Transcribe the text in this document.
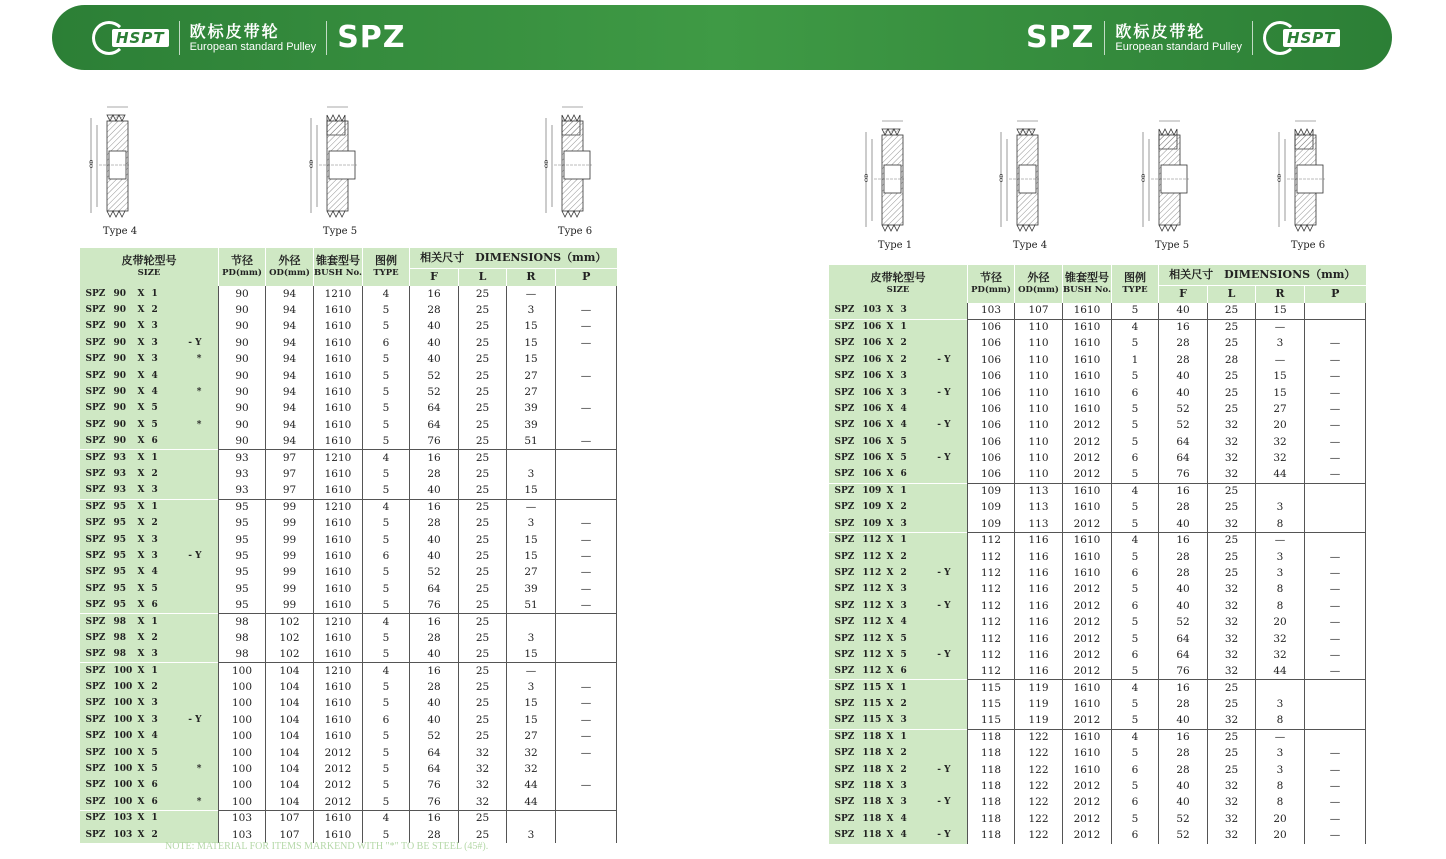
HSPT 欧标皮带轮
European standard Pulley SPZ	SPZ 欧标皮带轮
European standard Pulley	HSPT
OD
Type 4
OD
Type 5
OD
Type 6
OD
Type 1
OD
Type 4
OD
Type 5
OD
Type 6
皮带轮型号
SIZE	节径
PD(mm)	外径
OD(mm)	锥套型号
BUSH No.	图例
TYPE	相关尺寸　DIMENSIONS（mm）			
					F	L	R	P
SPZ 90 X 1	90	94	1210	4	16	25	—	
SPZ 90 X 2	90	94	1610	5	28	25	3	—
SPZ 90 X 3	90	94	1610	5	40	25	15	—
SPZ 90 X 3 - Y	90	94	1610	6	40	25	15	—
SPZ 90 X 3 *	90	94	1610	5	40	25	15	
SPZ 90 X 4	90	94	1610	5	52	25	27	—
SPZ 90 X 4 *	90	94	1610	5	52	25	27	
SPZ 90 X 5	90	94	1610	5	64	25	39	—
SPZ 90 X 5 *	90	94	1610	5	64	25	39	
SPZ 90 X 6	90	94	1610	5	76	25	51	—
SPZ 93 X 1	93	97	1210	4	16	25		
SPZ 93 X 2	93	97	1610	5	28	25	3	
SPZ 93 X 3	93	97	1610	5	40	25	15	
SPZ 95 X 1	95	99	1210	4	16	25	—	
SPZ 95 X 2	95	99	1610	5	28	25	3	—
SPZ 95 X 3	95	99	1610	5	40	25	15	—
SPZ 95 X 3 - Y	95	99	1610	6	40	25	15	—
SPZ 95 X 4	95	99	1610	5	52	25	27	—
SPZ 95 X 5	95	99	1610	5	64	25	39	—
SPZ 95 X 6	95	99	1610	5	76	25	51	—
SPZ 98 X 1	98	102	1210	4	16	25		
SPZ 98 X 2	98	102	1610	5	28	25	3	
SPZ 98 X 3	98	102	1610	5	40	25	15	
SPZ 100 X 1	100	104	1210	4	16	25	—	
SPZ 100 X 2	100	104	1610	5	28	25	3	—
SPZ 100 X 3	100	104	1610	5	40	25	15	—
SPZ 100 X 3 - Y	100	104	1610	6	40	25	15	—
SPZ 100 X 4	100	104	1610	5	52	25	27	—
SPZ 100 X 5	100	104	2012	5	64	32	32	—
SPZ 100 X 5 *	100	104	2012	5	64	32	32	
SPZ 100 X 6	100	104	2012	5	76	32	44	—
SPZ 100 X 6 *	100	104	2012	5	76	32	44	
SPZ 103 X 1	103	107	1610	4	16	25		
SPZ 103 X 2	103	107	1610	5	28	25	3	
皮带轮型号
SIZE	节径
PD(mm)	外径
OD(mm)	锥套型号
BUSH No.	图例
TYPE	相关尺寸　DIMENSIONS（mm）			
					F	L	R	P
SPZ 103 X 3	103	107	1610	5	40	25	15	
SPZ 106 X 1	106	110	1610	4	16	25	—	
SPZ 106 X 2	106	110	1610	5	28	25	3	—
SPZ 106 X 2 - Y	106	110	1610	1	28	28	—	—
SPZ 106 X 3	106	110	1610	5	40	25	15	—
SPZ 106 X 3 - Y	106	110	1610	6	40	25	15	—
SPZ 106 X 4	106	110	1610	5	52	25	27	—
SPZ 106 X 4 - Y	106	110	2012	5	52	32	20	—
SPZ 106 X 5	106	110	2012	5	64	32	32	—
SPZ 106 X 5 - Y	106	110	2012	6	64	32	32	—
SPZ 106 X 6	106	110	2012	5	76	32	44	—
SPZ 109 X 1	109	113	1610	4	16	25		
SPZ 109 X 2	109	113	1610	5	28	25	3	
SPZ 109 X 3	109	113	2012	5	40	32	8	
SPZ 112 X 1	112	116	1610	4	16	25	—	
SPZ 112 X 2	112	116	1610	5	28	25	3	—
SPZ 112 X 2 - Y	112	116	1610	6	28	25	3	—
SPZ 112 X 3	112	116	2012	5	40	32	8	—
SPZ 112 X 3 - Y	112	116	2012	6	40	32	8	—
SPZ 112 X 4	112	116	2012	5	52	32	20	—
SPZ 112 X 5	112	116	2012	5	64	32	32	—
SPZ 112 X 5 - Y	112	116	2012	6	64	32	32	—
SPZ 112 X 6	112	116	2012	5	76	32	44	—
SPZ 115 X 1	115	119	1610	4	16	25		
SPZ 115 X 2	115	119	1610	5	28	25	3	
SPZ 115 X 3	115	119	2012	5	40	32	8	
SPZ 118 X 1	118	122	1610	4	16	25	—	
SPZ 118 X 2	118	122	1610	5	28	25	3	—
SPZ 118 X 2 - Y	118	122	1610	6	28	25	3	—
SPZ 118 X 3	118	122	2012	5	40	32	8	—
SPZ 118 X 3 - Y	118	122	2012	6	40	32	8	—
SPZ 118 X 4	118	122	2012	5	52	32	20	—
SPZ 118 X 4 - Y	118	122	2012	6	52	32	20	—
NOTE: MATERIAL FOR ITEMS MARKEND WITH "*" TO BE STEEL (45#).
